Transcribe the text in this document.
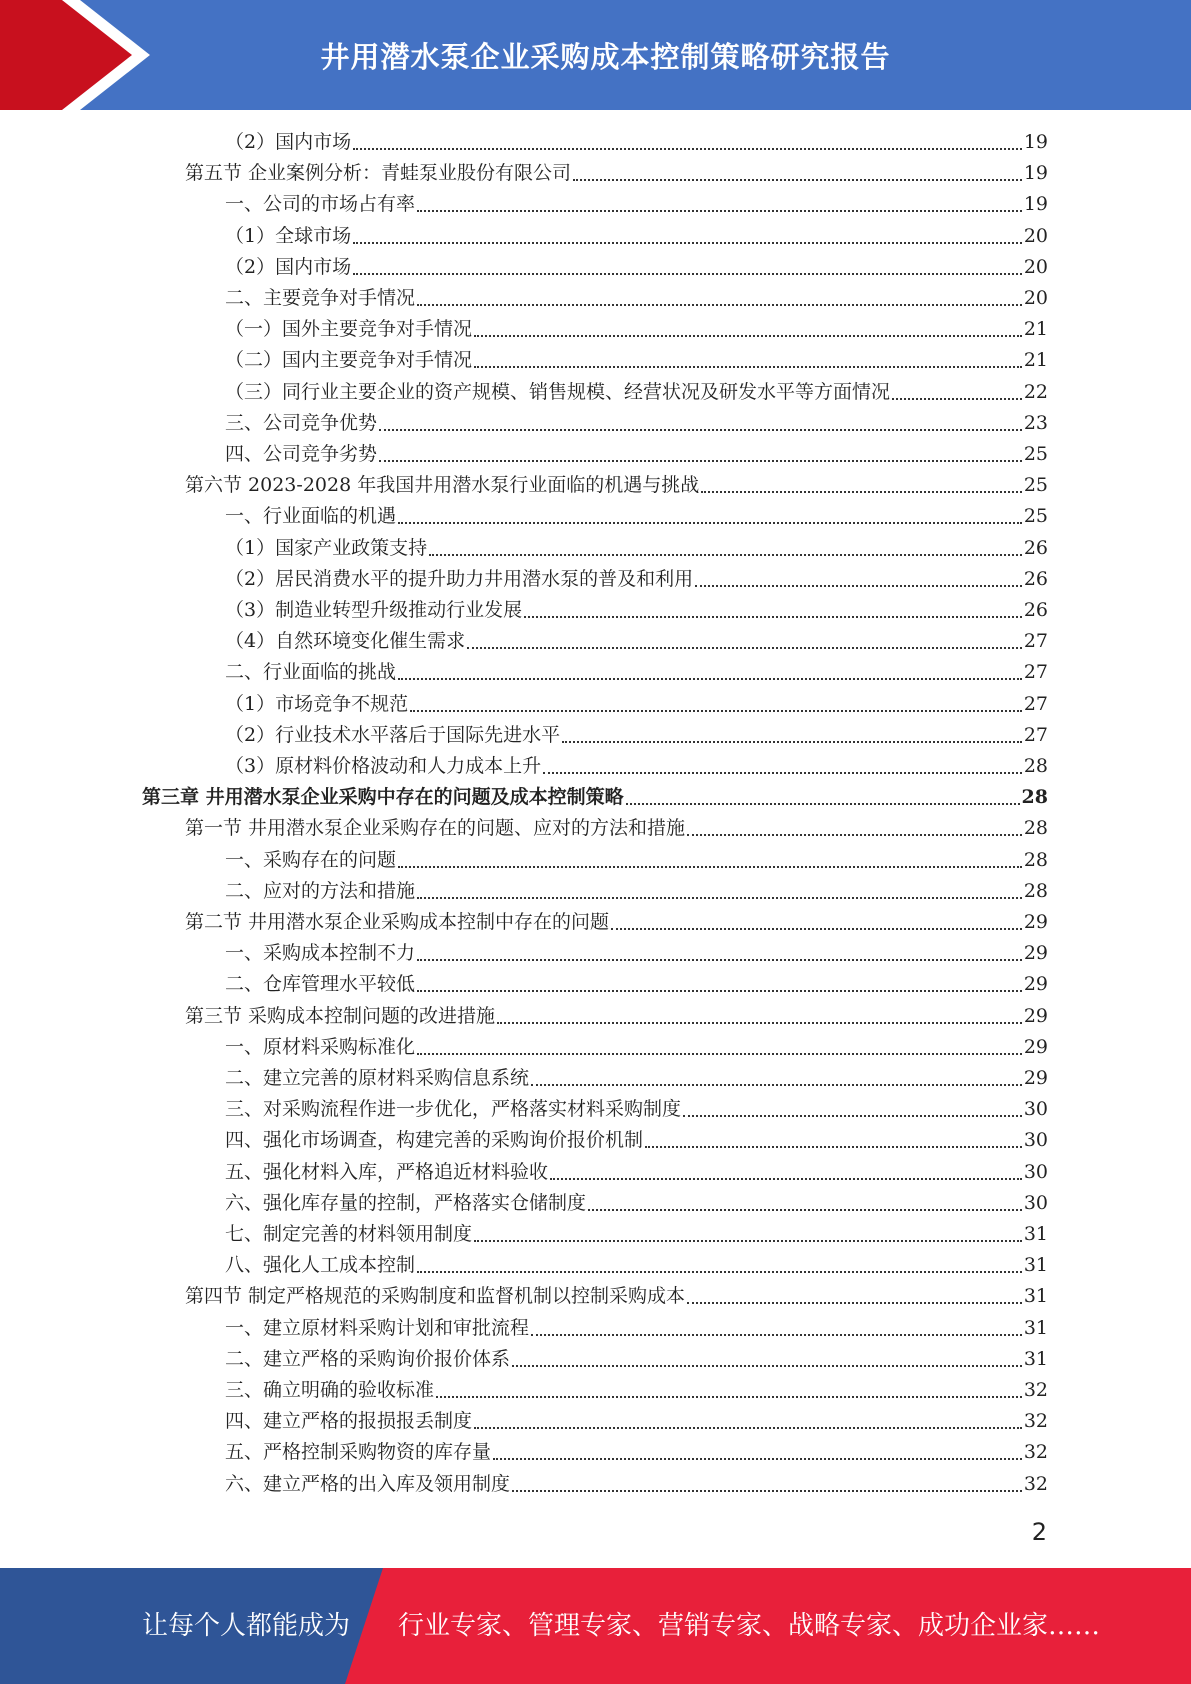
井用潜水泵企业采购成本控制策略研究报告
（2）国内市场	19
第五节 企业案例分析：青蛙泵业股份有限公司	19
一、公司的市场占有率	19
（1）全球市场	20
（2）国内市场	20
二、主要竞争对手情况	20
（一）国外主要竞争对手情况	21
（二）国内主要竞争对手情况	21
（三）同行业主要企业的资产规模、销售规模、经营状况及研发水平等方面情况	22
三、公司竞争优势	23
四、公司竞争劣势	25
第六节 2023-2028 年我国井用潜水泵行业面临的机遇与挑战	25
一、行业面临的机遇	25
（1）国家产业政策支持	26
（2）居民消费水平的提升助力井用潜水泵的普及和利用	26
（3）制造业转型升级推动行业发展	26
（4）自然环境变化催生需求	27
二、行业面临的挑战	27
（1）市场竞争不规范	27
（2）行业技术水平落后于国际先进水平	27
（3）原材料价格波动和人力成本上升	28
第三章 井用潜水泵企业采购中存在的问题及成本控制策略	28
第一节 井用潜水泵企业采购存在的问题、应对的方法和措施	28
一、采购存在的问题	28
二、应对的方法和措施	28
第二节 井用潜水泵企业采购成本控制中存在的问题	29
一、采购成本控制不力	29
二、仓库管理水平较低	29
第三节 采购成本控制问题的改进措施	29
一、原材料采购标准化	29
二、建立完善的原材料采购信息系统	29
三、对采购流程作进一步优化，严格落实材料采购制度	30
四、强化市场调查，构建完善的采购询价报价机制	30
五、强化材料入库，严格追近材料验收	30
六、强化库存量的控制，严格落实仓储制度	30
七、制定完善的材料领用制度	31
八、强化人工成本控制	31
第四节 制定严格规范的采购制度和监督机制以控制采购成本	31
一、建立原材料采购计划和审批流程	31
二、建立严格的采购询价报价体系	31
三、确立明确的验收标准	32
四、建立严格的报损报丢制度	32
五、严格控制采购物资的库存量	32
六、建立严格的出入库及领用制度	32
2
让每个人都能成为 行业专家、管理专家、营销专家、战略专家、成功企业家……
